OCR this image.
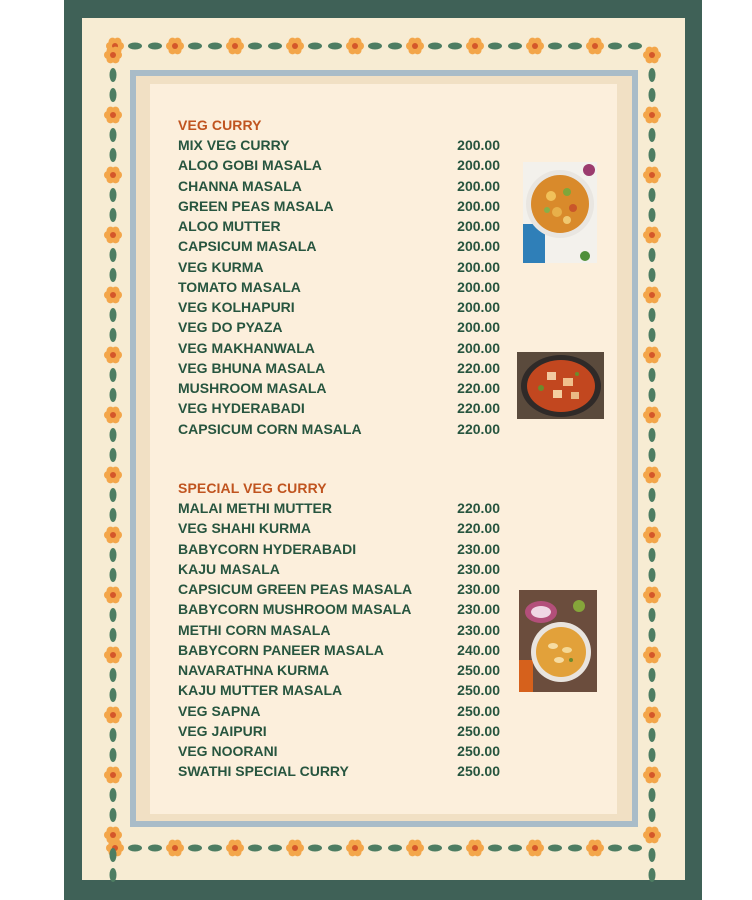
VEG CURRY
MIX VEG CURRY	200.00
ALOO GOBI MASALA	200.00
CHANNA MASALA	200.00
GREEN PEAS MASALA	200.00
ALOO MUTTER	200.00
CAPSICUM MASALA	200.00
VEG KURMA	200.00
TOMATO MASALA	200.00
VEG KOLHAPURI	200.00
VEG DO PYAZA	200.00
VEG MAKHANWALA	200.00
VEG BHUNA MASALA	220.00
MUSHROOM MASALA	220.00
VEG HYDERABADI	220.00
CAPSICUM CORN MASALA	220.00
SPECIAL VEG CURRY
MALAI METHI MUTTER	220.00
VEG SHAHI KURMA	220.00
BABYCORN HYDERABADI	230.00
KAJU MASALA	230.00
CAPSICUM GREEN PEAS MASALA	230.00
BABYCORN MUSHROOM MASALA	230.00
METHI CORN MASALA	230.00
BABYCORN PANEER MASALA	240.00
NAVARATHNA KURMA	250.00
KAJU MUTTER MASALA	250.00
VEG SAPNA	250.00
VEG JAIPURI	250.00
VEG NOORANI	250.00
SWATHI SPECIAL CURRY	250.00
